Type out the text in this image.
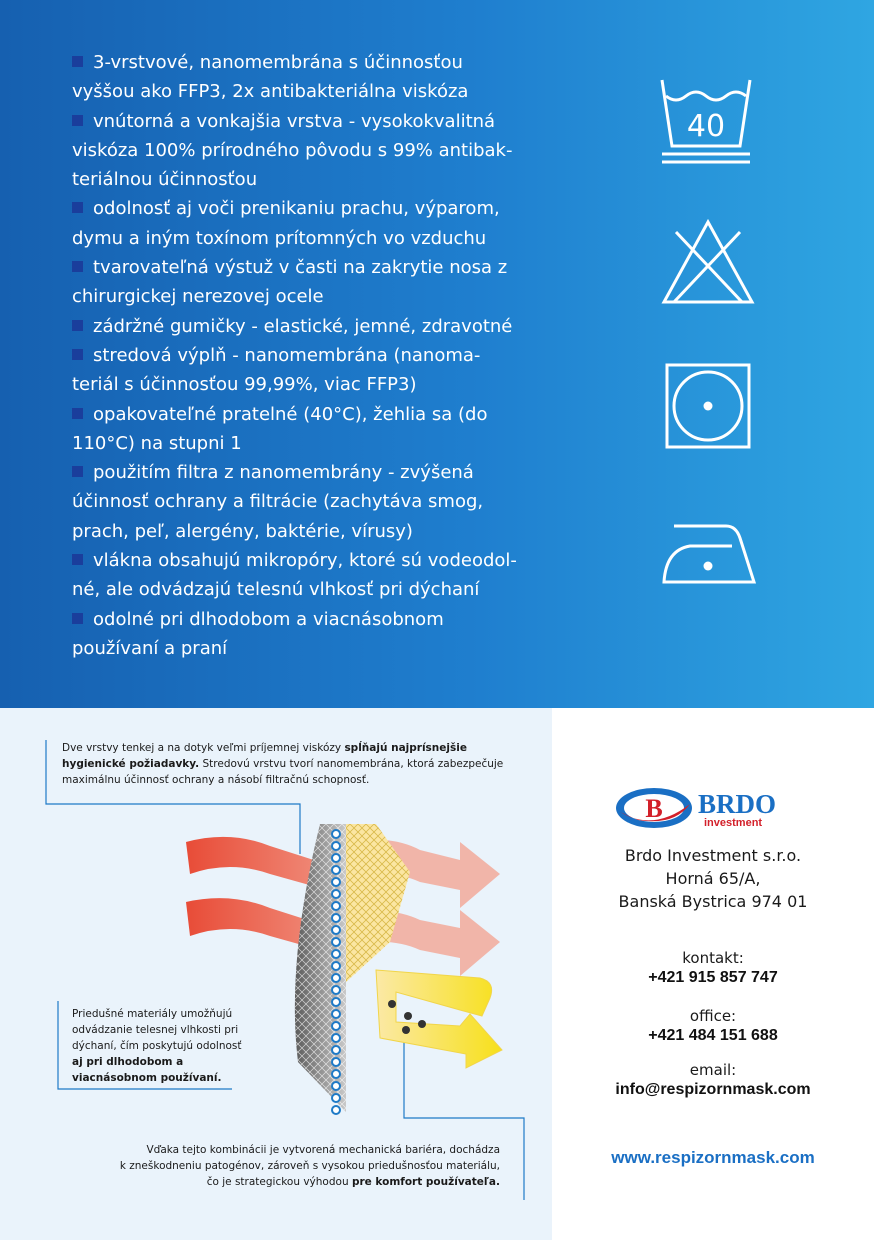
3-vrstvové, nanomembrána s účinnosťou
vyššou ako FFP3, 2x antibakteriálna viskóza

vnútorná a vonkajšia vrstva - vysokokvalitná
viskóza 100% prírodného pôvodu s 99% antibak-
teriálnou účinnosťou

odolnosť aj voči prenikaniu prachu, výparom,
dymu a iným toxínom prítomných vo vzduchu

tvarovateľná výstuž v časti na zakrytie nosa z
chirurgickej nerezovej ocele

zádržné gumičky - elastické, jemné, zdravotné

stredová výplň - nanomembrána (nanoma-
teriál s účinnosťou 99,99%, viac FFP3)

opakovateľné pratelné (40°C), žehlia sa (do
110°C) na stupni 1

použitím filtra z nanomembrány - zvýšená
účinnosť ochrany a filtrácie (zachytáva smog,
prach, peľ, alergény, baktérie, vírusy)

vlákna obsahujú mikropóry, ktoré sú vodeodol-
né, ale odvádzajú telesnú vlhkosť pri dýchaní

odolné pri dlhodobom a viacnásobnom
používaní a praní

40
Dve vrstvy tenkej a na dotyk veľmi príjemnej viskózy spĺňajú najprísnejšie
hygienické požiadavky. Stredovú vrstvu tvorí nanomembrána, ktorá zabezpečuje
maximálnu účinnosť ochrany a násobí filtračnú schopnosť.
Priedušné materiály umožňujú
odvádzanie telesnej vlhkosti pri
dýchaní, čím poskytujú odolnosť
aj pri dlhodobom a
viacnásobnom používaní.
Vďaka tejto kombinácii je vytvorená mechanická bariéra, dochádza
k zneškodneniu patogénov, zároveň s vysokou priedušnosťou materiálu,
čo je strategickou výhodou pre komfort používateľa.
B BRDO
investment
Brdo Investment s.r.o.
Horná 65/A,
Banská Bystrica 974 01
kontakt:
+421 915 857 747
office:
+421 484 151 688
email:
info@respizornmask.com
www.respizornmask.com
